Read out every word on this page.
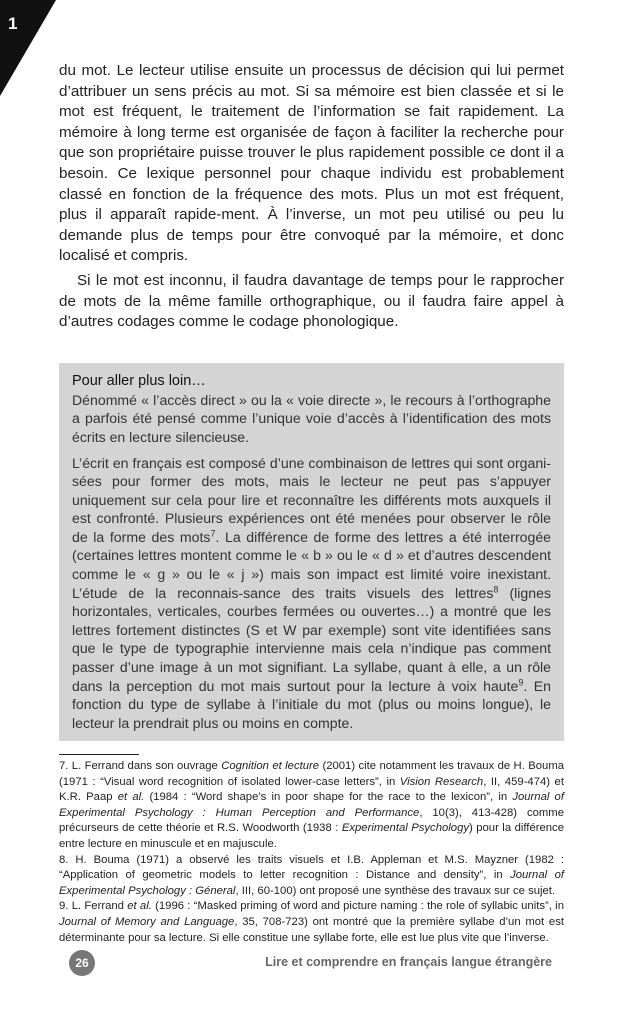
1

du mot. Le lecteur utilise ensuite un processus de décision qui lui permet d’attribuer un sens précis au mot. Si sa mémoire est bien classée et si le mot est fréquent, le traitement de l’information se fait rapidement. La mémoire à long terme est organisée de façon à faciliter la recherche pour que son propriétaire puisse trouver le plus rapidement possible ce dont il a besoin. Ce lexique personnel pour chaque individu est probablement classé en fonction de la fréquence des mots. Plus un mot est fréquent, plus il apparaît rapide-ment. À l’inverse, un mot peu utilisé ou peu lu demande plus de temps pour être convoqué par la mémoire, et donc localisé et compris.

Si le mot est inconnu, il faudra davantage de temps pour le rapprocher de mots de la même famille orthographique, ou il faudra faire appel à d’autres codages comme le codage phonologique.

Pour aller plus loin…

Dénommé « l’accès direct » ou la « voie directe », le recours à l’orthographe a parfois été pensé comme l’unique voie d’accès à l’identification des mots écrits en lecture silencieuse.

L’écrit en français est composé d’une combinaison de lettres qui sont organi-sées pour former des mots, mais le lecteur ne peut pas s’appuyer uniquement sur cela pour lire et reconnaître les différents mots auxquels il est confronté. Plusieurs expériences ont été menées pour observer le rôle de la forme des mots$^7$. La différence de forme des lettres a été interrogée (certaines lettres montent comme le « b » ou le « d » et d’autres descendent comme le « g » ou le « j ») mais son impact est limité voire inexistant. L’étude de la reconnais-sance des traits visuels des lettres$^8$ (lignes horizontales, verticales, courbes fermées ou ouvertes…) a montré que les lettres fortement distinctes (S et W par exemple) sont vite identifiées sans que le type de typographie intervienne mais cela n’indique pas comment passer d’une image à un mot signifiant. La syllabe, quant à elle, a un rôle dans la perception du mot mais surtout pour la lecture à voix haute$^9$. En fonction du type de syllabe à l’initiale du mot (plus ou moins longue), le lecteur la prendrait plus ou moins en compte.

7. L. Ferrand dans son ouvrage Cognition et lecture (2001) cite notamment les travaux de H. Bouma (1971 : “Visual word recognition of isolated lower-case letters”, in Vision Research, II, 459-474) et K.R. Paap et al. (1984 : “Word shape’s in poor shape for the race to the lexicon”, in Journal of Experimental Psychology : Human Perception and Performance, 10(3), 413-428) comme précurseurs de cette théorie et R.S. Woodworth (1938 : Experimental Psychology) pour la différence entre lecture en minuscule et en majuscule.

8. H. Bouma (1971) a observé les traits visuels et I.B. Appleman et M.S. Mayzner (1982 : “Application of geometric models to letter recognition : Distance and density”, in Journal of Experimental Psychology : Géneral, III, 60-100) ont proposé une synthèse des travaux sur ce sujet.

9. L. Ferrand et al. (1996 : “Masked priming of word and picture naming : the role of syllabic units”, in Journal of Memory and Language, 35, 708-723) ont montré que la première syllabe d’un mot est déterminante pour sa lecture. Si elle constitue une syllabe forte, elle est lue plus vite que l’inverse.

26	Lire et comprendre en français langue étrangère
